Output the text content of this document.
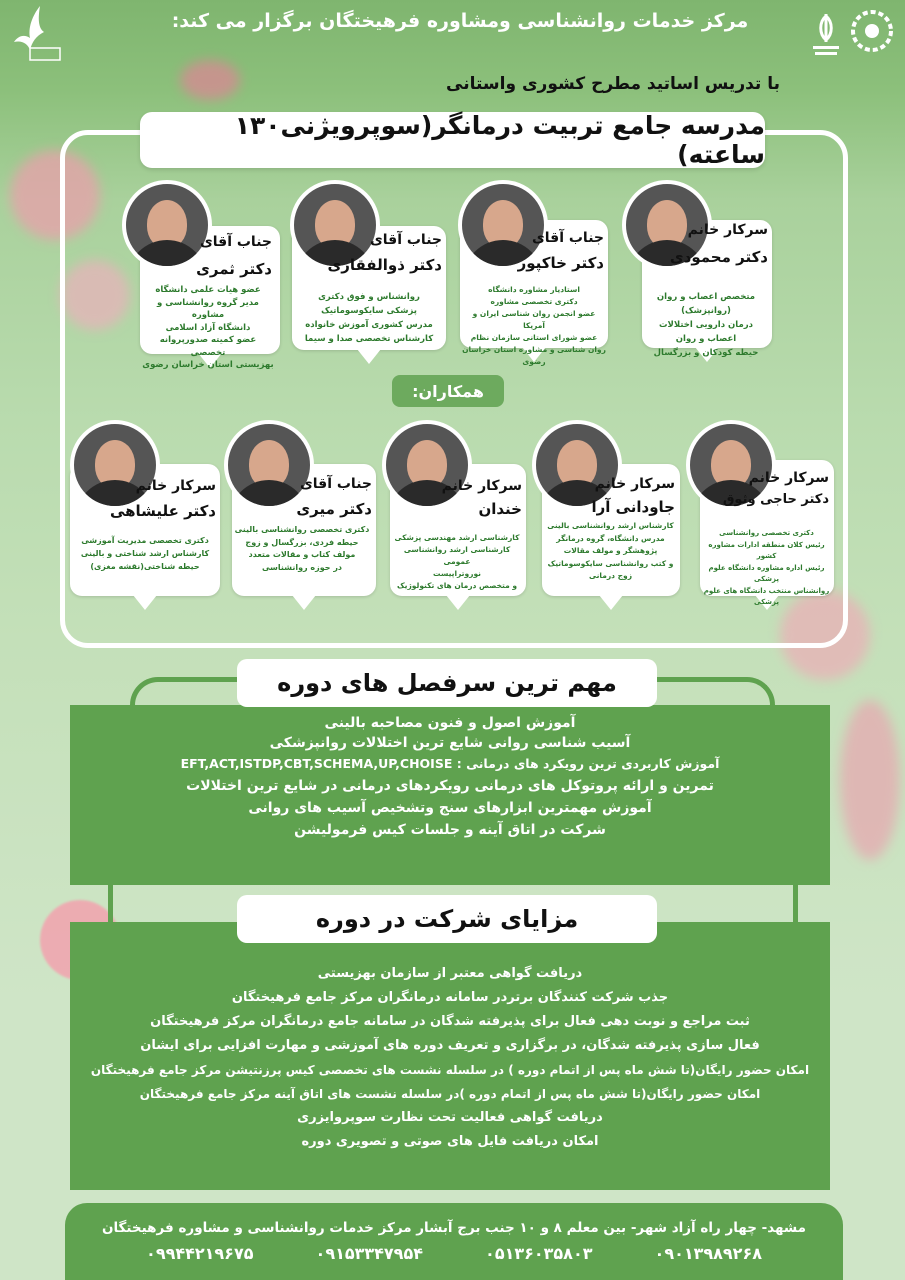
مرکز خدمات روانشناسی ومشاوره فرهیختگان برگزار می کند:
با تدریس اساتید مطرح کشوری واستانی
مدرسه جامع تربیت درمانگر(سوپرویژنی۱۳۰ ساعته)
سرکار خانم
دکتر محمودی
متخصص اعصاب و روان (روانپزشک)
درمان دارویی اختلالات اعصاب و روان
حیطه کودکان و بزرگسال
جناب آقای
دکتر خاکپور
استادیار مشاوره دانشگاه
دکتری تخصصی مشاوره
عضو انجمن روان شناسی ایران و آمریکا
عضو شورای استانی سازمان نظام
روان شناسی و مشاوره استان خراسان رضوی
جناب آقای
دکتر ذوالفقاری
روانشناس و فوق دکتری
پزشکی سایکوسوماتیک
مدرس کشوری آموزش خانواده
کارشناس تخصصی صدا و سیما
جناب آقای
دکتر ثمری
عضو هیات علمی دانشگاه
مدیر گروه روانشناسی و مشاوره
دانشگاه آزاد اسلامی
عضو کمیته صدورپروانه تخصصی
بهزیستی استان خراسان رضوی
همکاران:
سرکار خانم
دکتر حاجی وثوق
دکتری تخصصی روانشناسی
رئیس کلان منطقه ادارات مشاوره کشور
رئیس اداره مشاوره دانشگاه علوم پزشکی
روانشناس منتخب دانشگاه های علوم پزشکی
سرکار خانم
جاودانی آرا
کارشناس ارشد روانشناسی بالینی
مدرس دانشگاه، گروه درمانگر
پژوهشگر و مولف مقالات
و کتب روانشناسی سایکوسوماتیک
زوج درمانی
سرکار خانم
خندان
کارشناسی ارشد مهندسی پزشکی
کارشناسی ارشد روانشناسی عمومی
نوروتراپیست
و متخصص درمان های تکنولوژیک
جناب آقای
دکتر میری
دکتری تخصصی روانشناسی بالینی
حیطه فردی، بزرگسال و زوج
مولف کتاب و مقالات متعدد
در حوزه روانشناسی
سرکار خانم
دکتر علیشاهی
دکتری تخصصی مدیریت آموزشی
کارشناس ارشد شناختی و بالینی
حیطه شناختی(نقشه مغزی)
آموزش اصول و فنون مصاحبه بالینی
آسیب شناسی روانی شایع ترین اختلالات روانپزشکی
آموزش کاربردی ترین رویکرد های درمانی : EFT,ACT,ISTDP,CBT,SCHEMA,UP,CHOISE
تمرین و ارائه پروتوکل های درمانی رویکردهای درمانی در شایع ترین اختلالات
آموزش مهمترین ابزارهای سنج وتشخیص آسیب های روانی
شرکت در اتاق آینه و جلسات کیس فرمولیشن
مهم ترین سرفصل های دوره
دریافت گواهی معتبر از سازمان بهزیستی
جذب شرکت کنندگان برتردر سامانه درمانگران مرکز جامع فرهیختگان
ثبت مراجع و نوبت دهی فعال برای پذیرفته شدگان در سامانه جامع درمانگران مرکز فرهیختگان
فعال سازی پذیرفته شدگان، در برگزاری و تعریف دوره های آموزشی و مهارت افزایی برای ایشان
امکان حضور رایگان(تا شش ماه پس از اتمام دوره ) در سلسله نشست های تخصصی کیس پرزنتیشن مرکز جامع فرهیختگان
امکان حضور رایگان(تا شش ماه پس از اتمام دوره )در سلسله نشست های اتاق آینه مرکز جامع فرهیختگان
دریافت گواهی فعالیت تحت نظارت سوپروایزری
امکان دریافت فایل های صوتی و تصویری دوره
مزایای شرکت در دوره
مشهد- چهار راه آزاد شهر- بین معلم ۸ و ۱۰ جنب برج آبشار مرکز خدمات روانشناسی و مشاوره فرهیختگان
۰۹۰۱۳۹۸۹۲۶۸
۰۵۱۳۶۰۳۵۸۰۳
۰۹۱۵۳۳۴۷۹۵۴
۰۹۹۴۴۲۱۹۶۷۵
